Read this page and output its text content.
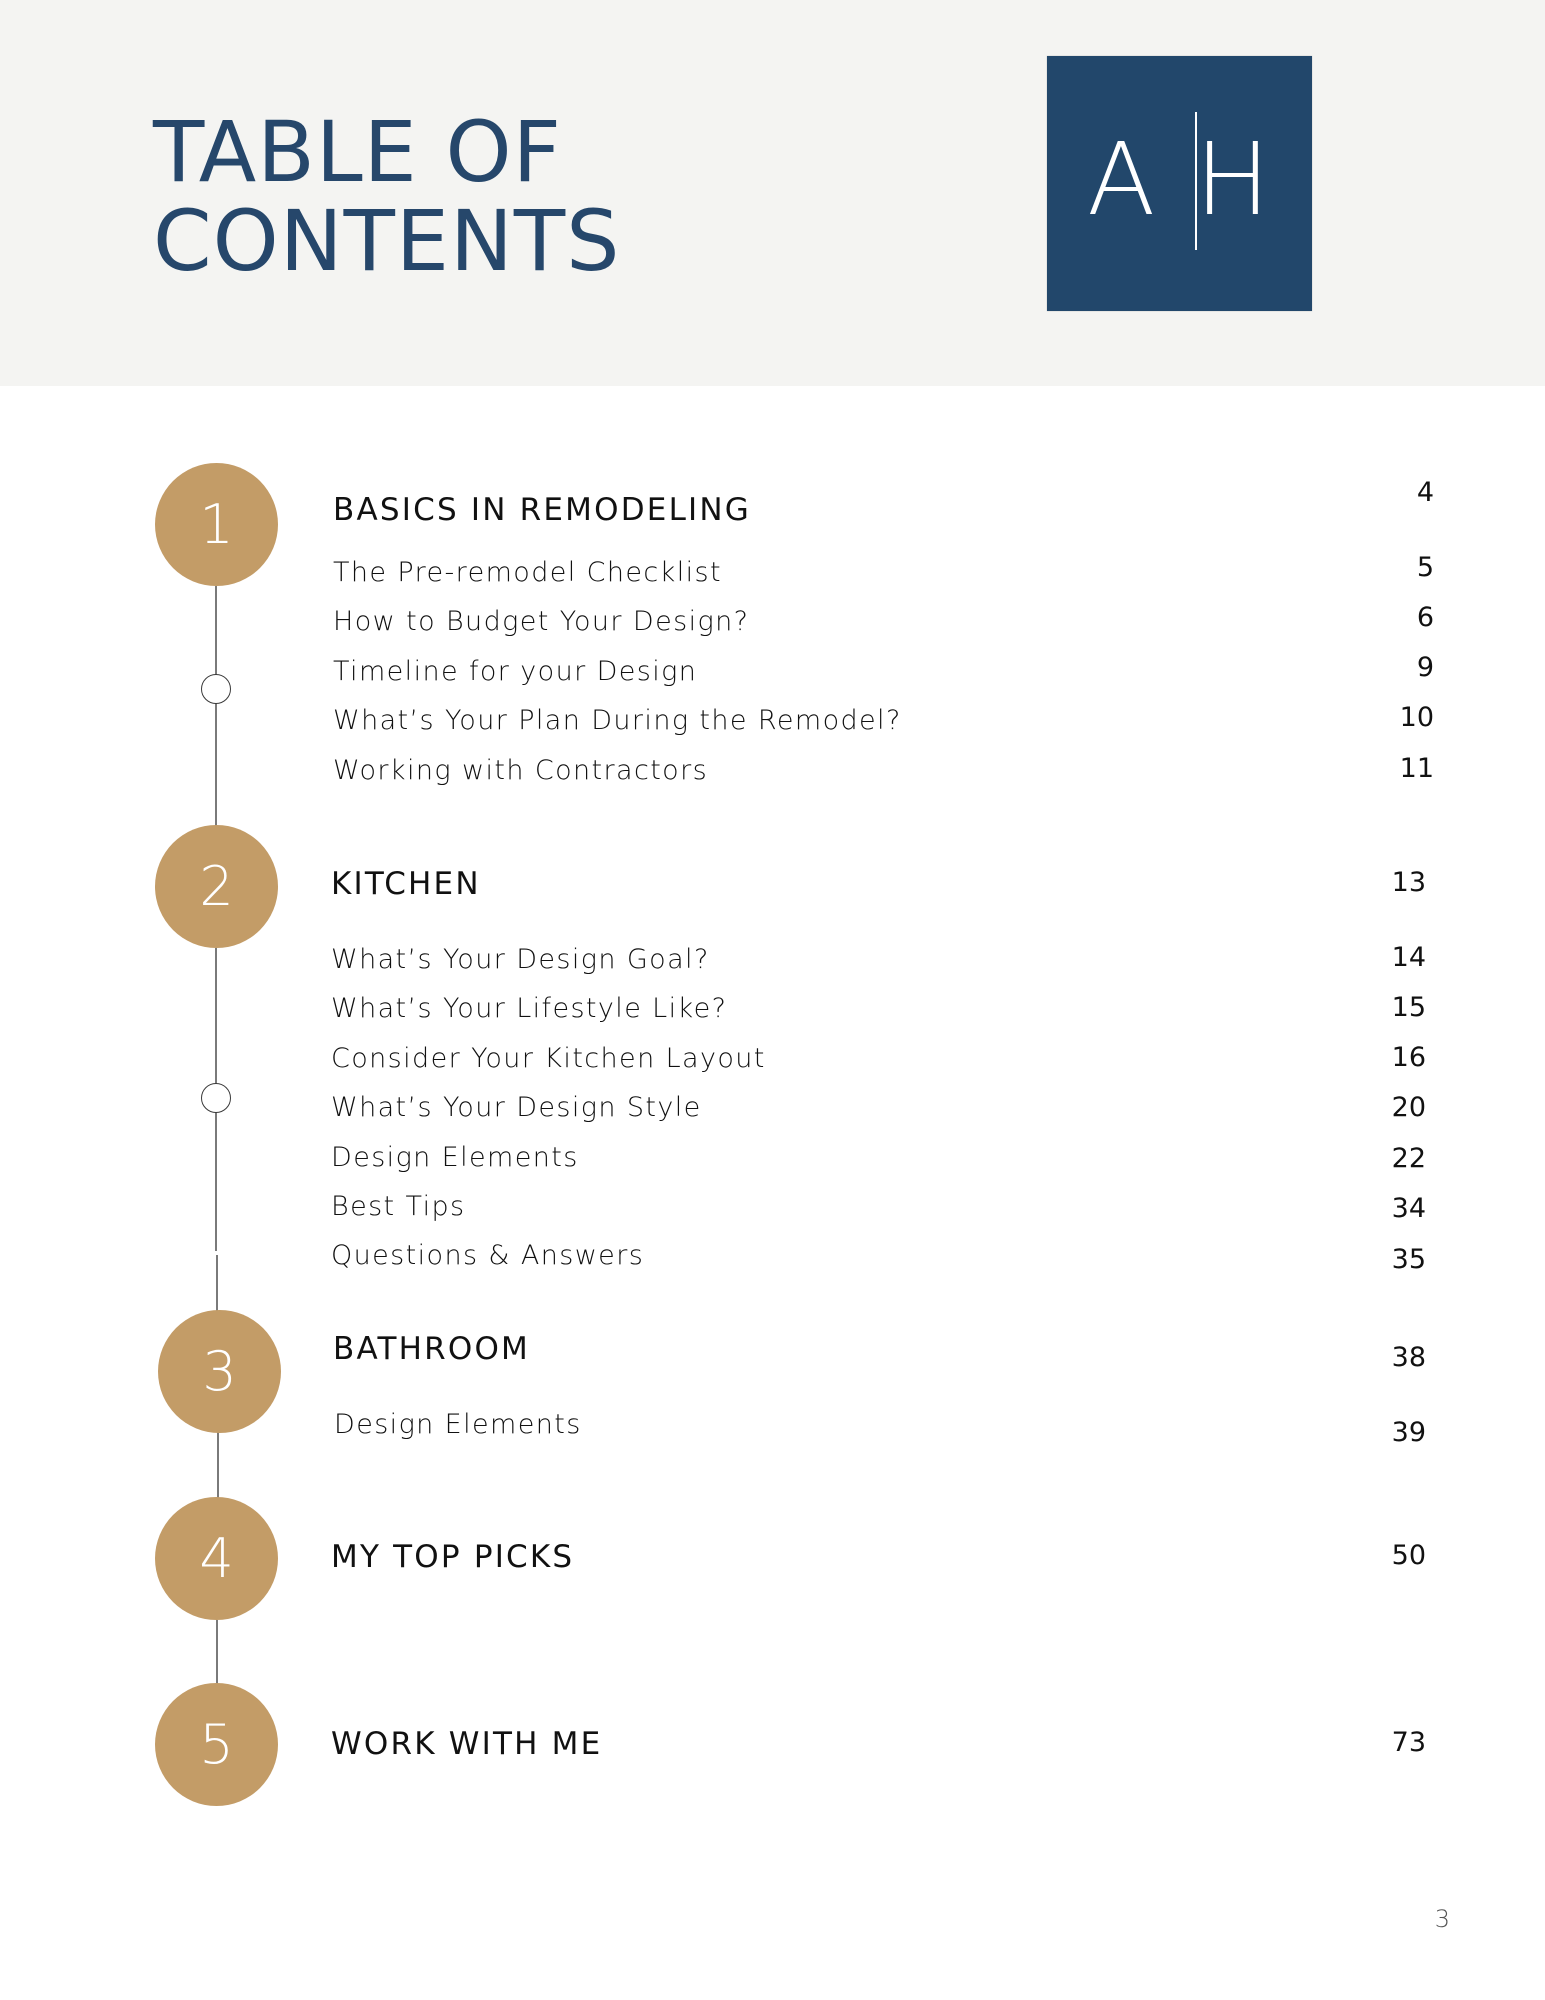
TABLE OF
CONTENTS
A H
1	BASICS IN REMODELING	4
The Pre-remodel Checklist	5
How to Budget Your Design?	6
Timeline for your Design	9
What’s Your Plan During the Remodel?	10
Working with Contractors	11
2	KITCHEN	13
What’s Your Design Goal?	14
What’s Your Lifestyle Like?	15
Consider Your Kitchen Layout	16
What’s Your Design Style	20
Design Elements	22
Best Tips	34
Questions & Answers	35
3	BATHROOM	38
Design Elements	39
4	MY TOP PICKS	50
5	WORK WITH ME	73
3
